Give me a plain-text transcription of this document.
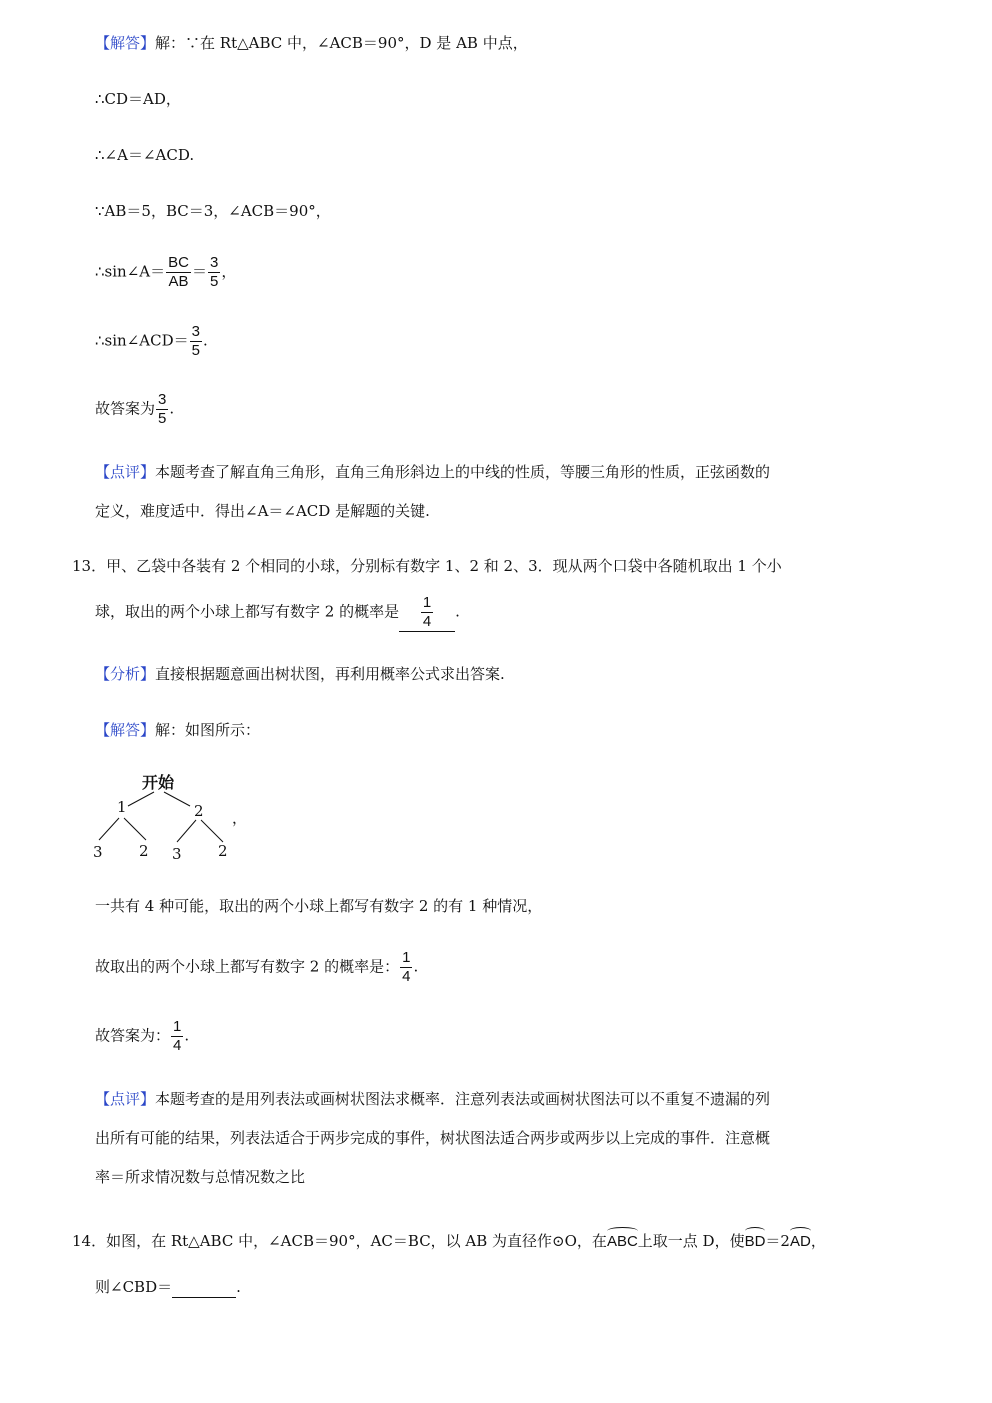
【解答】解：∵在 Rt△ABC 中，∠ACB＝90°，D 是 AB 中点，
∴CD＝AD，
∴∠A＝∠ACD.
∵AB＝5，BC＝3，∠ACB＝90°，
∴sin∠A＝ $\frac{BC}{AB} = \frac{3}{5}$ ，
∴sin∠ACD＝ $\frac{3}{5}$ .
故答案为 $\frac{3}{5}$ .
【点评】本题考查了解直角三角形，直角三角形斜边上的中线的性质，等腰三角形的性质，正弦函数的
定义，难度适中．得出∠A＝∠ACD 是解题的关键.
13．甲、乙袋中各装有 2 个相同的小球，分别标有数字 1、2 和 2、3．现从两个口袋中各随机取出 1 个小
球，取出的两个小球上都写有数字 2 的概率是 $\frac{1}{4}$ .
【分析】直接根据题意画出树状图，再利用概率公式求出答案.
【解答】解：如图所示：
开始
1	2
3 2 3 2
，
一共有 4 种可能，取出的两个小球上都写有数字 2 的有 1 种情况，
故取出的两个小球上都写有数字 2 的概率是： $\frac{1}{4}$ .
故答案为： $\frac{1}{4}$ .
【点评】本题考查的是用列表法或画树状图法求概率．注意列表法或画树状图法可以不重复不遗漏的列
出所有可能的结果，列表法适合于两步完成的事件，树状图法适合两步或两步以上完成的事件．注意概
率＝所求情况数与总情况数之比
14．如图，在 Rt△ABC 中，∠ACB＝90°，AC＝BC，以 AB 为直径作⊙O，在ABC上取一点 D，使BD＝2AD，
则∠CBD＝	.
